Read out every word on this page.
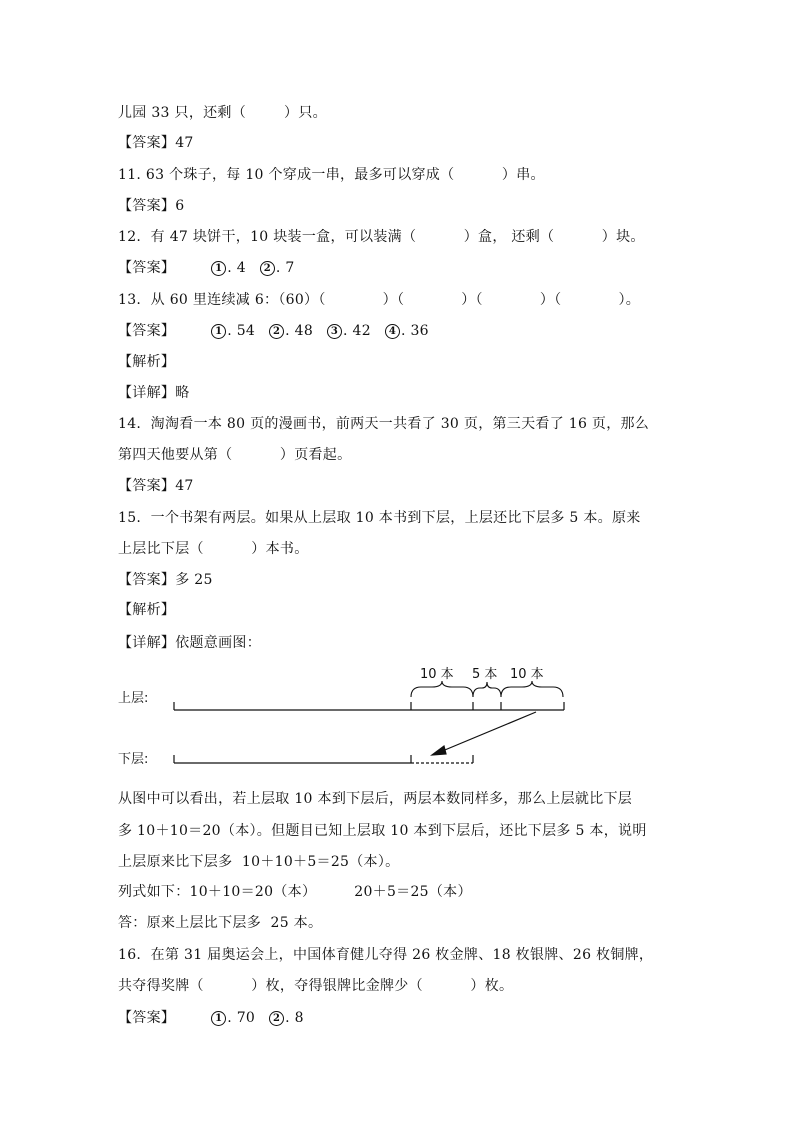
儿园 33 只，还剩（        ）只。
【答案】47
11. 63 个珠子，每 10 个穿成一串，最多可以穿成（          ）串。
【答案】6
12.  有 47 块饼干，10 块装一盒，可以装满（          ）盒， 还剩（          ）块。
【答案】	1 . 4 2 . 7
13.  从 60 里连续减 6：（60）（            ）（            ）（            ）（            ）。
【答案】	1 . 54 2 . 48 3 . 42 4 . 36
【解析】
【详解】略
14.  淘淘看一本 80 页的漫画书，前两天一共看了 30 页，第三天看了 16 页，那么
第四天他要从第（          ）页看起。
【答案】47
15.  一个书架有两层。如果从上层取 10 本书到下层，上层还比下层多 5 本。原来
上层比下层（          ）本书。
【答案】多 25
【解析】
【详解】依题意画图：
上层:
下层:
10 本 5 本 10 本
从图中可以看出，若上层取 10 本到下层后，两层本数同样多，那么上层就比下层
多 10＋10＝20（本）。但题目已知上层取 10 本到下层后，还比下层多 5 本，说明
上层原来比下层多  10＋10＋5＝25（本）。
列式如下：10＋10＝20（本）        20＋5＝25（本）
答：原来上层比下层多  25 本。
16.  在第 31 届奥运会上，中国体育健儿夺得 26 枚金牌、18 枚银牌、26 枚铜牌，
共夺得奖牌（          ）枚，夺得银牌比金牌少（          ）枚。
【答案】	1 . 70 2 . 8
